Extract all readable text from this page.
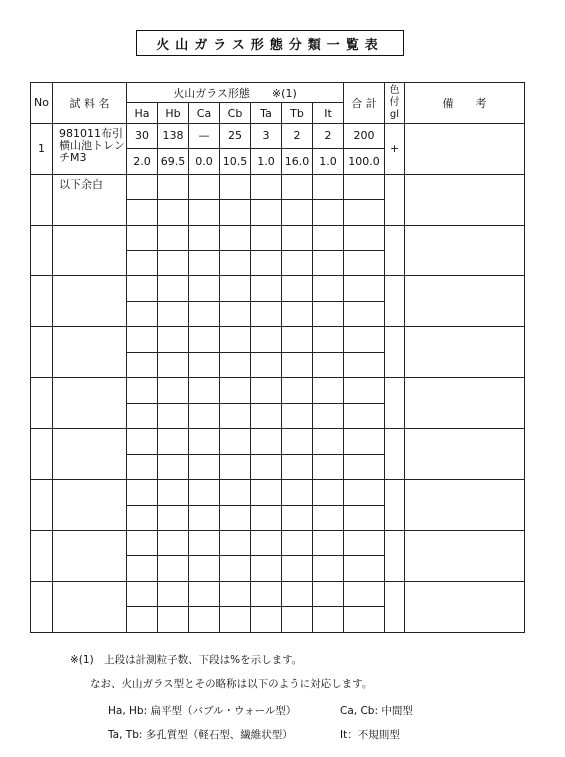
火山ガラス形態分類一覧表
No	試 料 名	火山ガラス形態　　※(1)							合 計	色
付
gl	備　　考
		Ha	Hb	Ca	Cb	Ta	Tb	It			
1	981011布引
横山池トレン
チM3	30	138	—	25	3	2	2	200	+	
		2.0	69.5	0.0	10.5	1.0	16.0	1.0	100.0		
	以下余白										

※(1)　上段は計測粒子数、下段は%を示します。
なお、火山ガラス型とその略称は以下のように対応します。
Ha, Hb: 扁平型（バブル・ウォール型）	Ca, Cb: 中間型
Ta, Tb: 多孔質型（軽石型、繊維状型）	It：不規則型
